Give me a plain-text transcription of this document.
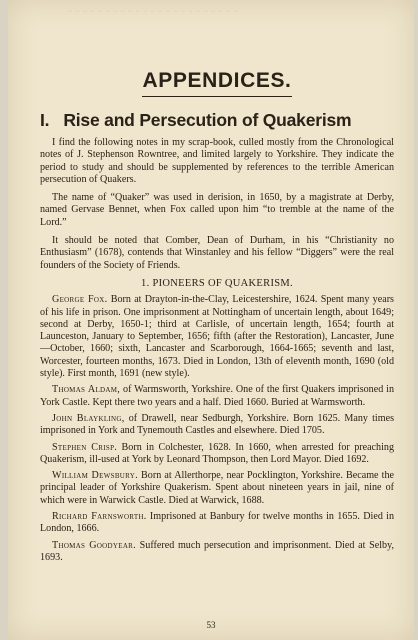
~ ~ ~ ~ ~ ~ ~ ~ ~ ~ ~ ~ ~ ~ ~ ~ ~ ~ ~ ~ ~ ~ ~
APPENDICES.
I. Rise and Persecution of Quakerism

I find the following notes in my scrap-book, culled mostly from the Chronological notes of J. Stephenson Rowntree, and limited largely to Yorkshire. They indicate the period to study and should be supplemented by references to the terrible American persecution of Quakers.

The name of “Quaker” was used in derision, in 1650, by a magistrate at Derby, named Gervase Bennet, when Fox called upon him “to tremble at the name of the Lord.”

It should be noted that Comber, Dean of Durham, in his “Christianity no Enthusiasm” (1678), contends that Winstanley and his fellow “Diggers” were the real founders of the Society of Friends.

1. PIONEERS OF QUAKERISM.
George Fox. Born at Drayton-in-the-Clay, Leicestershire, 1624. Spent many years of his life in prison. One imprisonment at Nottingham of uncertain length, about 1649; second at Derby, 1650-1; third at Carlisle, of uncertain length, 1654; fourth at Launceston, January to September, 1656; fifth (after the Restoration), Lancaster, June—October, 1660; sixth, Lancaster and Scarborough, 1664-1665; seventh and last, Worcester, fourteen months, 1673. Died in London, 13th of eleventh month, 1690 (old style). First month, 1691 (new style).
Thomas Aldam, of Warmsworth, Yorkshire. One of the first Quakers imprisoned in York Castle. Kept there two years and a half. Died 1660. Buried at Warmsworth.
John Blaykling, of Drawell, near Sedburgh, Yorkshire. Born 1625. Many times imprisoned in York and Tynemouth Castles and elsewhere. Died 1705.
Stephen Crisp. Born in Colchester, 1628. In 1660, when arrested for preaching Quakerism, ill-used at York by Leonard Thompson, then Lord Mayor. Died 1692.
William Dewsbury. Born at Allerthorpe, near Pocklington, Yorkshire. Became the principal leader of Yorkshire Quakerism. Spent about nineteen years in jail, nine of which were in Warwick Castle. Died at Warwick, 1688.
Richard Farnsworth. Imprisoned at Banbury for twelve months in 1655. Died in London, 1666.
Thomas Goodyear. Suffered much persecution and imprisonment. Died at Selby, 1693.
53
